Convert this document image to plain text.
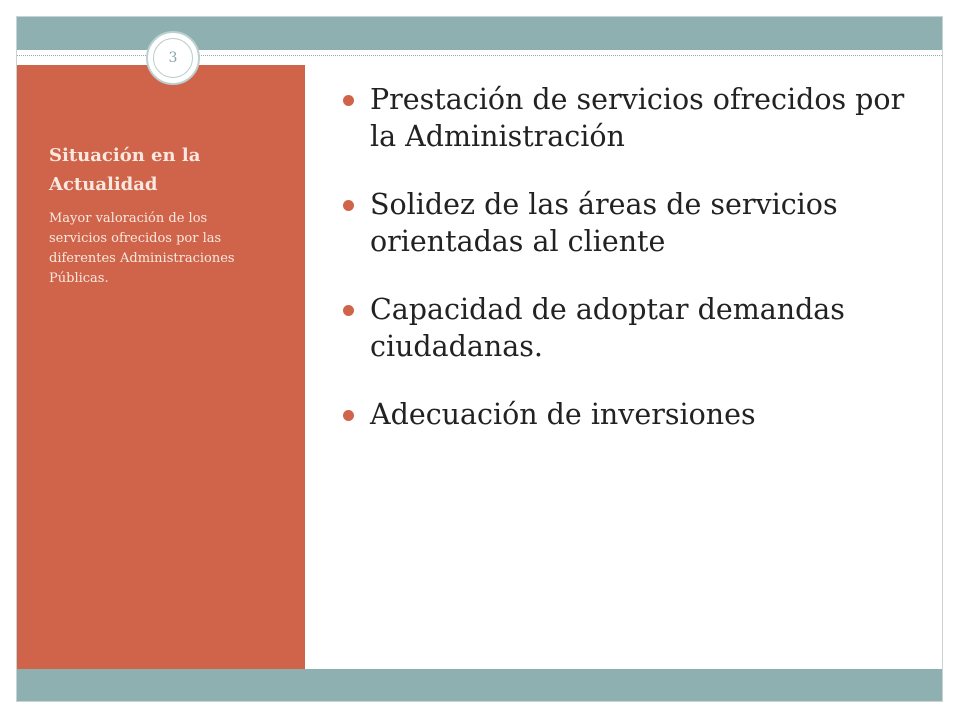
Situación en la Actualidad

Mayor valoración de los servicios ofrecidos por las diferentes Administraciones Públicas.

3
Prestación de servicios ofrecidos por la Administración
Solidez de las áreas de servicios orientadas al cliente
Capacidad de adoptar demandas ciudadanas.
Adecuación de inversiones
